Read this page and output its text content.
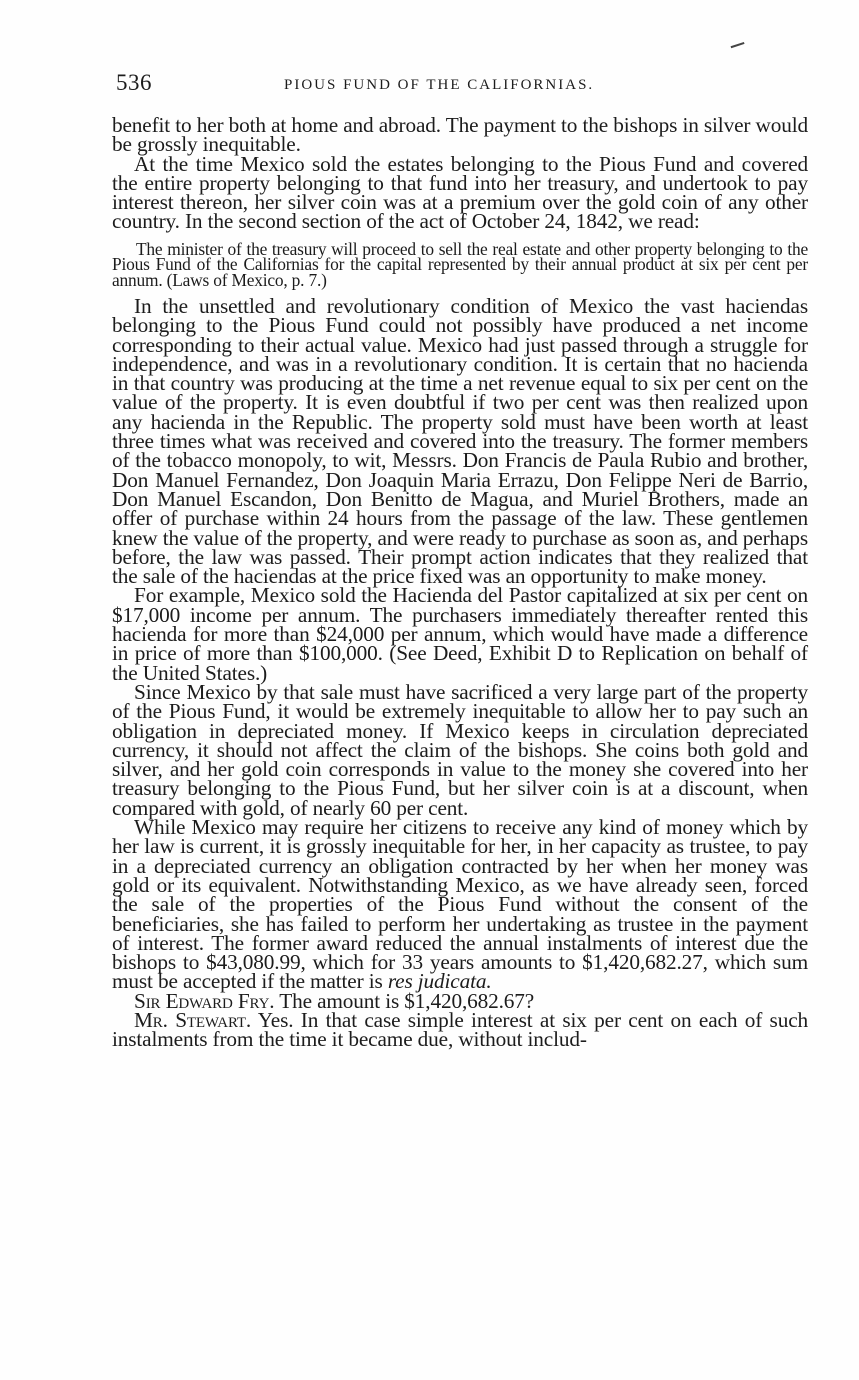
536	PIOUS FUND OF THE CALIFORNIAS.

benefit to her both at home and abroad. The payment to the bishops in silver would be grossly inequitable.

At the time Mexico sold the estates belonging to the Pious Fund and covered the entire property belonging to that fund into her treasury, and undertook to pay interest thereon, her silver coin was at a premium over the gold coin of any other country. In the second section of the act of October 24, 1842, we read:

The minister of the treasury will proceed to sell the real estate and other property belonging to the Pious Fund of the Californias for the capital represented by their annual product at six per cent per annum. (Laws of Mexico, p. 7.)

In the unsettled and revolutionary condition of Mexico the vast haciendas belonging to the Pious Fund could not possibly have produced a net income corresponding to their actual value. Mexico had just passed through a struggle for independence, and was in a revolutionary condition. It is certain that no hacienda in that country was producing at the time a net revenue equal to six per cent on the value of the property. It is even doubtful if two per cent was then realized upon any hacienda in the Republic. The property sold must have been worth at least three times what was received and covered into the treasury. The former members of the tobacco monopoly, to wit, Messrs. Don Francis de Paula Rubio and brother, Don Manuel Fernandez, Don Joaquin Maria Errazu, Don Felippe Neri de Barrio, Don Manuel Escandon, Don Benitto de Magua, and Muriel Brothers, made an offer of purchase within 24 hours from the passage of the law. These gentlemen knew the value of the property, and were ready to purchase as soon as, and perhaps before, the law was passed. Their prompt action indicates that they realized that the sale of the haciendas at the price fixed was an opportunity to make money.

For example, Mexico sold the Hacienda del Pastor capitalized at six per cent on $17,000 income per annum. The purchasers immediately thereafter rented this hacienda for more than $24,000 per annum, which would have made a difference in price of more than $100,000. (See Deed, Exhibit D to Replication on behalf of the United States.)

Since Mexico by that sale must have sacrificed a very large part of the property of the Pious Fund, it would be extremely inequitable to allow her to pay such an obligation in depreciated money. If Mexico keeps in circulation depreciated currency, it should not affect the claim of the bishops. She coins both gold and silver, and her gold coin corresponds in value to the money she covered into her treasury belonging to the Pious Fund, but her silver coin is at a discount, when compared with gold, of nearly 60 per cent.

While Mexico may require her citizens to receive any kind of money which by her law is current, it is grossly inequitable for her, in her capacity as trustee, to pay in a depreciated currency an obligation contracted by her when her money was gold or its equivalent. Notwithstanding Mexico, as we have already seen, forced the sale of the properties of the Pious Fund without the consent of the beneficiaries, she has failed to perform her undertaking as trustee in the payment of interest. The former award reduced the annual instalments of interest due the bishops to $43,080.99, which for 33 years amounts to $1,420,682.27, which sum must be accepted if the matter is res judicata.

Sir Edward Fry. The amount is $1,420,682.67?

Mr. Stewart. Yes. In that case simple interest at six per cent on each of such instalments from the time it became due, without includ-
